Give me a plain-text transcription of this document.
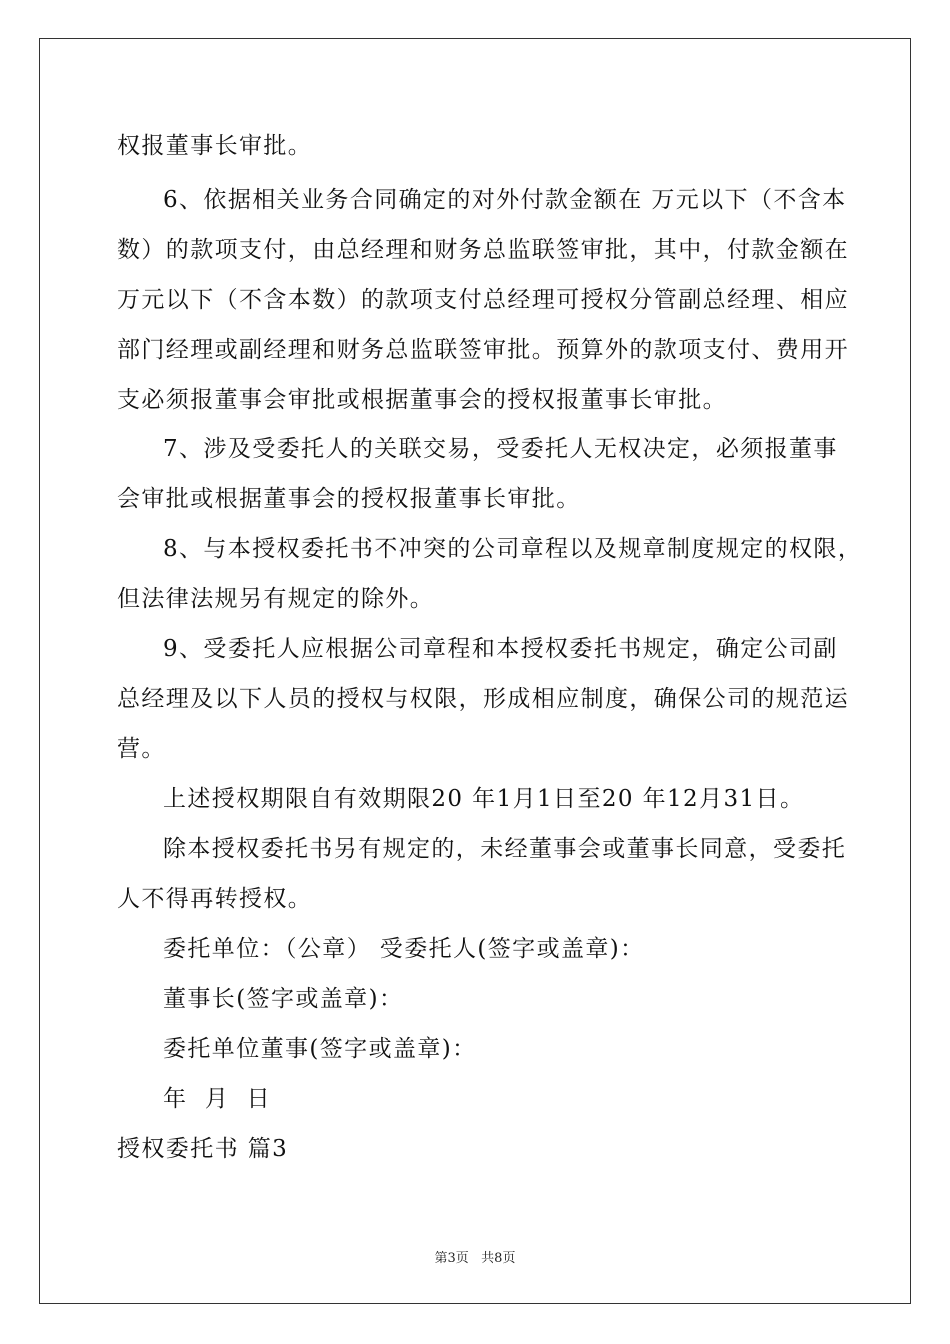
权报董事长审批。
6、依据相关业务合同确定的对外付款金额在 万元以下（不含本
数）的款项支付，由总经理和财务总监联签审批，其中，付款金额在
万元以下（不含本数）的款项支付总经理可授权分管副总经理、相应
部门经理或副经理和财务总监联签审批。预算外的款项支付、费用开
支必须报董事会审批或根据董事会的授权报董事长审批。
7、涉及受委托人的关联交易，受委托人无权决定，必须报董事
会审批或根据董事会的授权报董事长审批。
8、与本授权委托书不冲突的公司章程以及规章制度规定的权限，
但法律法规另有规定的除外。
9、受委托人应根据公司章程和本授权委托书规定，确定公司副
总经理及以下人员的授权与权限，形成相应制度，确保公司的规范运
营。
上述授权期限自有效期限20 年1月1日至20 年12月31日。
除本授权委托书另有规定的，未经董事会或董事长同意，受委托
人不得再转授权。
委托单位：（公章） 受委托人(签字或盖章)：
董事长(签字或盖章)：
委托单位董事(签字或盖章)：
年  月  日
授权委托书 篇3
第3页   共8页
